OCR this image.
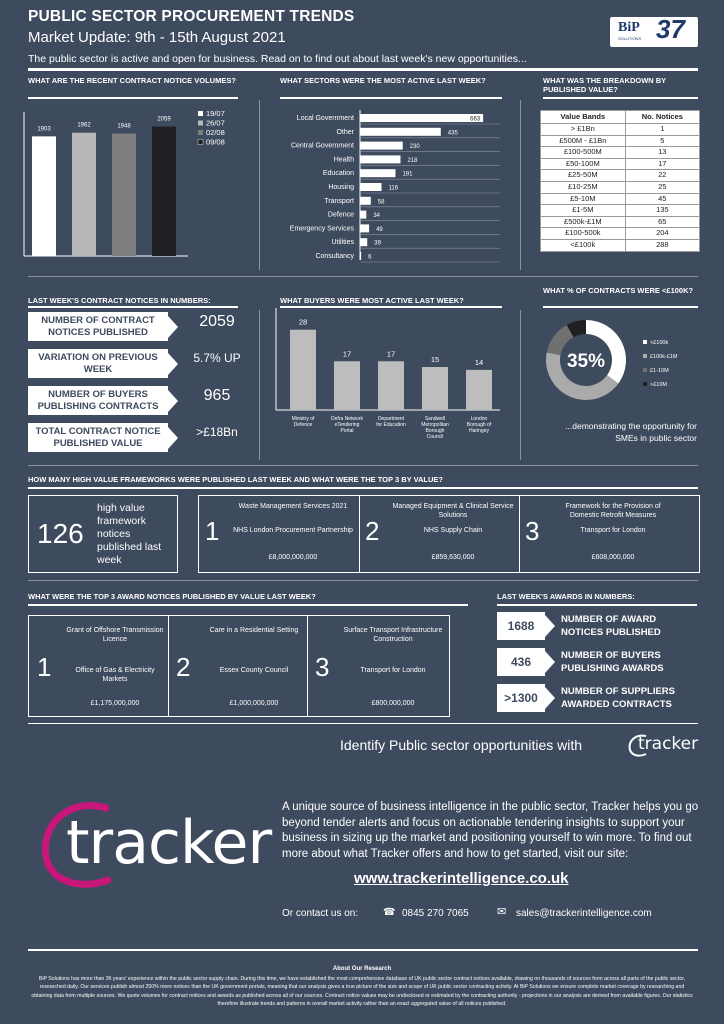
PUBLIC SECTOR PROCUREMENT TRENDS
Market Update: 9th - 15th August 2021
The public sector is active and open for business. Read on to find out about last week's new opportunities...
BiP
SOLUTIONS 37
WHAT ARE THE RECENT CONTRACT NOTICE VOLUMES?	WHAT SECTORS WERE THE MOST ACTIVE LAST WEEK?	WHAT WAS THE BREAKDOWN BY PUBLISHED VALUE?
1903
1962	1948
2059
19/07
26/07
02/08
09/08
Local Government	663
Other	435
Central Government	230
Health	218
Education	191
Housing	116
Transport	58
Defence	34
Emergency Services	49
Utilities	39
Consultancy 6
Value Bands	No. Notices
> £1Bn	1
£500M - £1Bn	5
£100-500M	13
£50-100M	17
£25-50M	22
£10-25M	25
£5-10M	45
£1-5M	135
£500k-£1M	65
£100-500k	204
<£100k	288
LAST WEEK'S CONTRACT NOTICES IN NUMBERS:	WHAT BUYERS WERE MOST ACTIVE LAST WEEK?
WHAT % OF CONTRACTS WERE <£100K?
NUMBER OF CONTRACT NOTICES PUBLISHED
2059
VARIATION ON PREVIOUS WEEK
5.7% UP
NUMBER OF BUYERS PUBLISHING CONTRACTS
965
TOTAL CONTRACT NOTICE PUBLISHED VALUE
>£18Bn
28
Ministry of Defence
17
Defra Network eTendering Portal
17
Department for Education
15
Sandwell Metropolitan Borough Council
14
London Borough of Haringey
35%
<£100k
£100k-£1M
£1-10M
>£10M
...demonstrating the opportunity for SMEs in public sector
HOW MANY HIGH VALUE FRAMEWORKS WERE PUBLISHED LAST WEEK AND WHAT WERE THE TOP 3 BY VALUE?
126
high value framework notices published last week
1
Waste Management Services 2021
NHS London Procurement Partnership
£8,000,000,000
2
Managed Equipment & Clinical Service Solutions
NHS Supply Chain
£859,630,000
3
Framework for the Provision of Domestic Retrofit Measures
Transport for London
£608,000,000
WHAT WERE THE TOP 3 AWARD NOTICES PUBLISHED BY VALUE LAST WEEK?
1
Grant of Offshore Transmission Licence
Office of Gas & Electricity Markets
£1,175,000,000
2
Care in a Residential Setting
Essex County Council
£1,000,000,000
3
Surface Transport Infrastructure Construction
Transport for London
£800,000,000
LAST WEEK'S AWARDS IN NUMBERS:
1688	NUMBER OF AWARD NOTICES PUBLISHED
436	NUMBER OF BUYERS PUBLISHING AWARDS
>1300	NUMBER OF SUPPLIERS AWARDED CONTRACTS
Identify Public sector opportunities with	tracker
tracker
A unique source of business intelligence in the public sector, Tracker helps you go beyond tender alerts and focus on actionable tendering insights to support your business in sizing up the market and positioning yourself to win more. To find out more about what Tracker offers and how to get started, visit our site:
www.trackerintelligence.co.uk
Or contact us on: ☎ 0845 270 7065	✉ sales@trackerintelligence.com
About Our Research
BiP Solutions has more than 36 years' experience within the public sector supply chain. During this time, we have established the most comprehensive database of UK public sector contract notices available, drawing on thousands of sources from across all parts of the public sector, researched daily. Our services publish almost 250% more notices than the UK government portals, meaning that our analysis gives a true picture of the size and scope of UK public sector contracting activity. At BiP Solutions we ensure complete market coverage by researching and obtaining data from multiple sources. We quote volumes for contract notices and awards as published across all of our sources. Contract notice values may be undisclosed or estimated by the contracting authority - projections in our analysis are derived from available figures. Our statistics therefore illustrate trends and patterns in overall market activity rather than an exact aggregated value of all notices published.
